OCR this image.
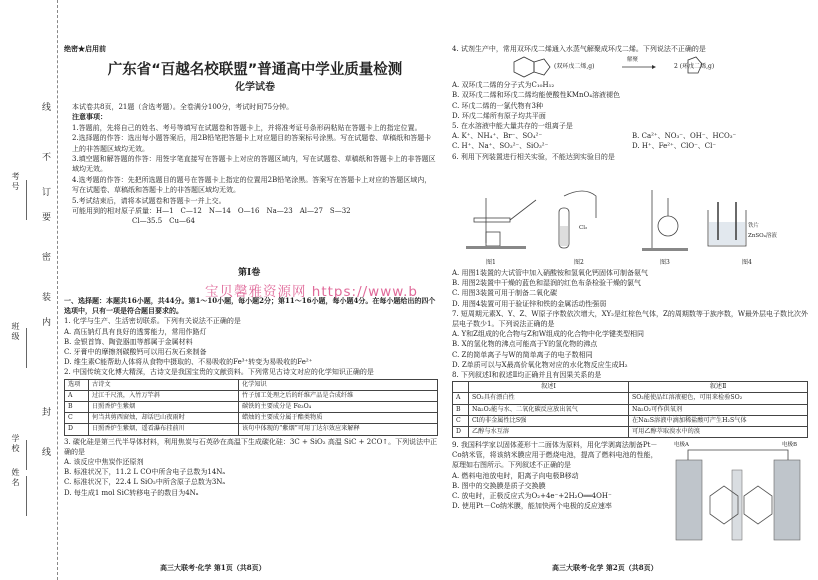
考号
姓名
班级
学校
线
不
订
要
密
装
内
封
线
绝密★启用前
广东省“百越名校联盟”普通高中学业质量检测
化学试卷

本试卷共8页，21题（含选考题）。全卷满分100分，考试时间75分钟。

注意事项：

1.答题前，先将自己的姓名、考号等填写在试题卷和答题卡上，并将准考证号条形码粘贴在答题卡上的指定位置。

2.选择题的作答：选出每小题答案后，用2B铅笔把答题卡上对应题目的答案标号涂黑。写在试题卷、草稿纸和答题卡上的非答题区域均无效。

3.填空题和解答题的作答：用签字笔直接写在答题卡上对应的答题区域内，写在试题卷、草稿纸和答题卡上的非答题区域均无效。

4.选考题的作答：先把所选题目的题号在答题卡上指定的位置用2B铅笔涂黑。答案写在答题卡上对应的答题区域内，写在试题卷、草稿纸和答题卡上的非答题区域均无效。

5.考试结束后，请将本试题卷和答题卡一并上交。

可能用到的相对原子质量：H—1　C—12　N—14　O—16　Na—23　Al—27　S—32

Cl—35.5　Cu—64

宝贝馨雅资源网 https://www.b
第Ⅰ卷

一、选择题：本题共16小题，共44分。第1～10小题，每小题2分；第11～16小题，每小题4分。在每小题给出的四个选项中，只有一项是符合题目要求的。

1. 化学与生产、生活密切联系。下列有关说法不正确的是

A. 高压钠灯具有良好的透雾能力，常用作路灯

B. 金银首饰、陶瓷器皿等都属于金属材料

C. 牙膏中的摩擦剂碳酸钙可以用石灰石来制备

D. 维生素C能帮助人体将从食物中摄取的、不易吸收的Fe³⁺转变为易吸收的Fe²⁺

2. 中国传统文化博大精深，古诗文是我国宝贵的文献资料。下列常见古诗文对应的化学知识正确的是

选项	古诗文	化学知识
A	过江千尺浪，入竹万竿斜	竹子加工处理之后的纤维产品是合成纤维
B	日照香炉生紫烟	碳铁的主要成分是 Fe₃O₄
C	何当共剪西窗烛，却话巴山夜雨时	蜡烛的主要成分属于酯类物质
D	日照香炉生紫烟，遥看瀑布挂前川	该句中体现的“紫烟”可用丁达尔效应来解释

3. 碳化硅是第三代半导体材料，利用焦炭与石英砂在高温下生成碳化硅：3C + SiO₂ 高温 SiC + 2CO↑。下列说法中正确的是

A. 该反应中焦炭作还原剂

B. 标准状况下，11.2 L CO中所含电子总数为14Nₐ

C. 标准状况下，22.4 L SiO₂中所含原子总数为3Nₐ

D. 每生成1 mol SiC转移电子的数目为4Nₐ

高三大联考·化学 第1页（共8页）

4. 试剂生产中，常用双环戊二烯通入水蒸气解聚成环戊二烯。下列说法不正确的是

(双环戊二烯,g)
解聚
2 (环戊二烯,g)

A. 双环戊二烯的分子式为C₁₀H₁₂

B. 双环戊二烯和环戊二烯均能使酸性KMnO₄溶液褪色

C. 环戊二烯的一氯代物有3种

D. 环戊二烯所有原子均共平面

5. 在水溶液中能大量共存的一组离子是

A. K⁺、NH₄⁺、Br⁻、SO₄²⁻	B. Ca²⁺、NO₃⁻、OH⁻、HCO₃⁻

C. H⁺、Na⁺、SO₃²⁻、SiO₃²⁻	D. H⁺、Fe²⁺、ClO⁻、Cl⁻

6. 利用下列装置进行相关实验，不能达到实验目的是

Cl₂	铁片
ZnSO₄溶液
图1	图2	图3	图4

A. 用图1装置的大试管中加入硝酸铵和氢氧化钙固体可制备氨气

B. 用图2装置中干燥的蓝色和湿润的红色布条检验干燥的氯气

C. 用图3装置可用于制备二氧化碳

D. 用图4装置可用于验证锌和铁的金属活动性强弱

7. 短周期元素X、Y、Z、W原子序数依次增大，XY₂是红棕色气体，Z的周期数等于族序数，W最外层电子数比次外层电子数少1。下列说法正确的是

A. Y和Z组成的化合物与Z和W组成的化合物中化学键类型相同

B. X的氢化物的沸点可能高于Y的氢化物的沸点

C. Z的简单离子与W的简单离子的电子数相同

D. Z单质可以与X最高价氧化物对应的水化物反应生成H₂

8. 下列叙述Ⅰ和叙述Ⅱ均正确并且有因果关系的是

	叙述Ⅰ	叙述Ⅱ
A	SO₂具有漂白性	SO₂能使品红溶液褪色，可用来检验SO₂
B	Na₂O₂能与水、二氧化碳反应放出氧气	Na₂O₂可作供氧剂
C	Cl的非金属性比S强	在Na₂S溶液中滴加稀盐酸可产生H₂S气体
D	乙醇与水互溶	可用乙醇萃取溴水中的溴

9. 我国科学家以固体菱形十二面体为原料，用化学剥离法制备Pt－Co纳米管，将该纳米膜应用于燃烧电池，提高了燃料电池的性能，原理如右图所示。下列叙述不正确的是

A. 燃料电池放电时，阳离子向电极B移动

B. 图中的交换膜是质子交换膜

C. 放电时，正极反应式为O₂+4e⁻+2H₂O══4OH⁻

D. 使用Pt－Co纳米膜，能加快两个电极的反应速率

电极A	电极B
高三大联考·化学 第2页（共8页）
